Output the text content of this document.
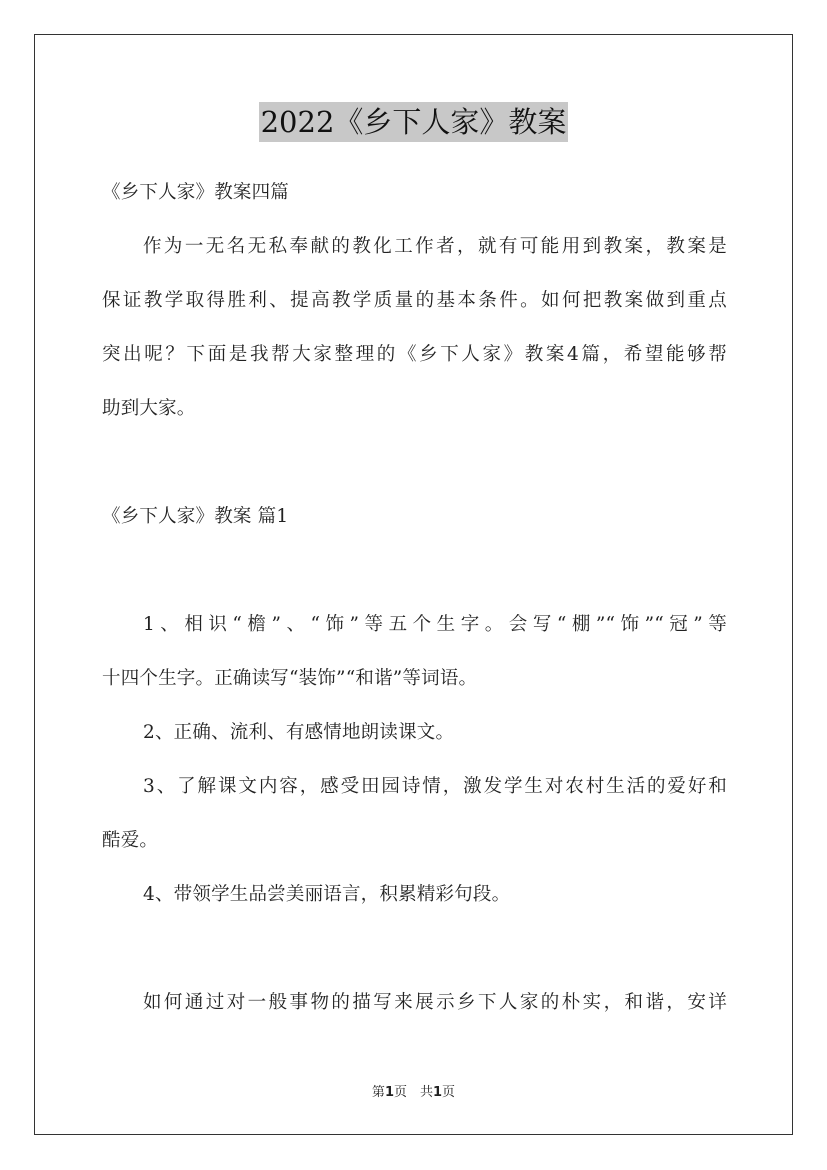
2022《乡下人家》教案
《乡下人家》教案四篇
作为一无名无私奉献的教化工作者，就有可能用到教案，教案是
保证教学取得胜利、提高教学质量的基本条件。如何把教案做到重点
突出呢？下面是我帮大家整理的《乡下人家》教案4篇，希望能够帮
助到大家。
《乡下人家》教案 篇1
1、相识“檐”、“饰”等五个生字。会写“棚”“饰”“冠”等
十四个生字。正确读写“装饰”“和谐”等词语。
2、正确、流利、有感情地朗读课文。
3、了解课文内容，感受田园诗情，激发学生对农村生活的爱好和
酷爱。
4、带领学生品尝美丽语言，积累精彩句段。
如何通过对一般事物的描写来展示乡下人家的朴实，和谐，安详
第1页　共1页
